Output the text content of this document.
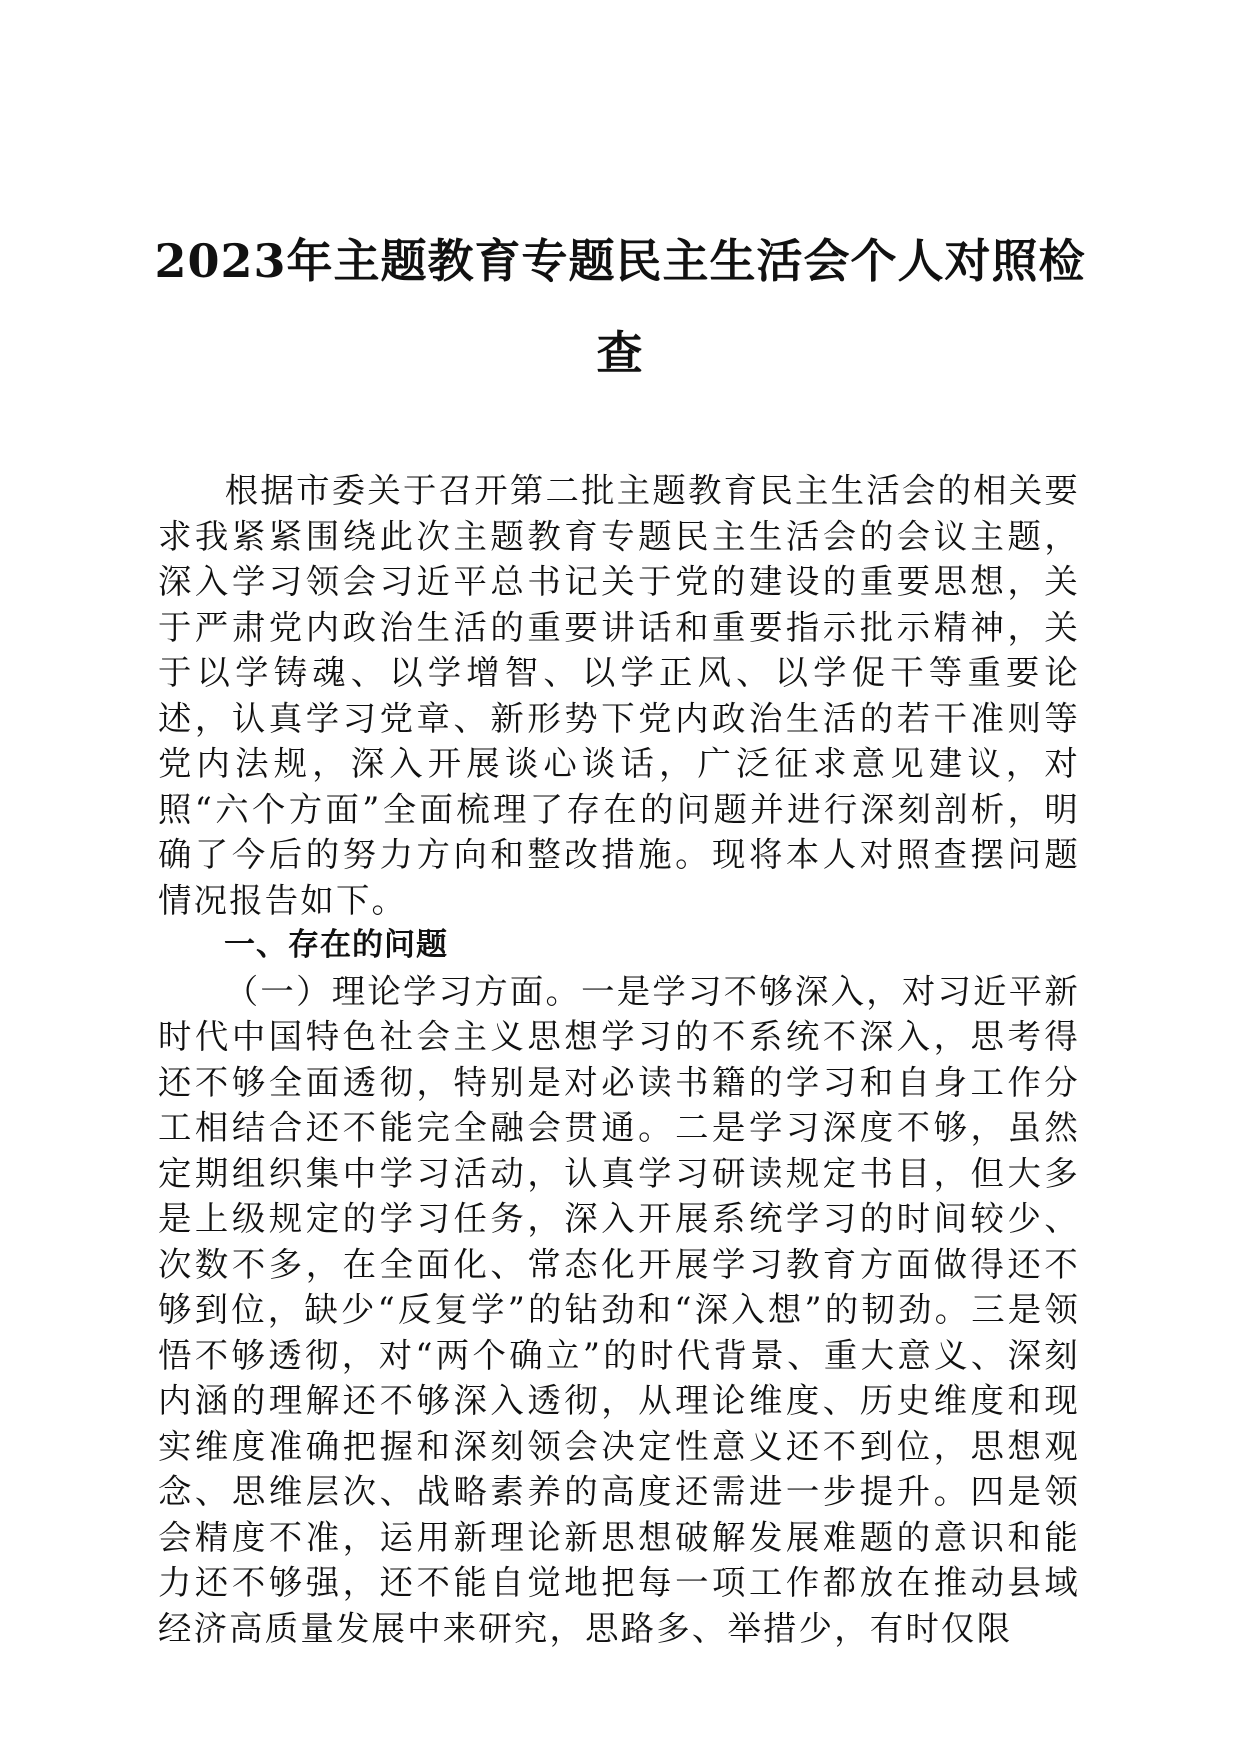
2023年主题教育专题民主生活会个人对照检
查

根据市委关于召开第二批主题教育民主生活会的相关要求我紧紧围绕此次主题教育专题民主生活会的会议主题，深入学习领会习近平总书记关于党的建设的重要思想，关于严肃党内政治生活的重要讲话和重要指示批示精神，关于以学铸魂、以学增智、以学正风、以学促干等重要论述，认真学习党章、新形势下党内政治生活的若干准则等党内法规，深入开展谈心谈话，广泛征求意见建议，对照“六个方面”全面梳理了存在的问题并进行深刻剖析，明确了今后的努力方向和整改措施。现将本人对照查摆问题情况报告如下。

一、存在的问题

（一）理论学习方面。一是学习不够深入，对习近平新时代中国特色社会主义思想学习的不系统不深入，思考得还不够全面透彻，特别是对必读书籍的学习和自身工作分工相结合还不能完全融会贯通。二是学习深度不够，虽然定期组织集中学习活动，认真学习研读规定书目，但大多是上级规定的学习任务，深入开展系统学习的时间较少、次数不多，在全面化、常态化开展学习教育方面做得还不够到位，缺少“反复学”的钻劲和“深入想”的韧劲。三是领悟不够透彻，对“两个确立”的时代背景、重大意义、深刻内涵的理解还不够深入透彻，从理论维度、历史维度和现实维度准确把握和深刻领会决定性意义还不到位，思想观念、思维层次、战略素养的高度还需进一步提升。四是领会精度不准，运用新理论新思想破解发展难题的意识和能力还不够强，还不能自觉地把每一项工作都放在推动县域经济高质量发展中来研究，思路多、举措少，有时仅限
